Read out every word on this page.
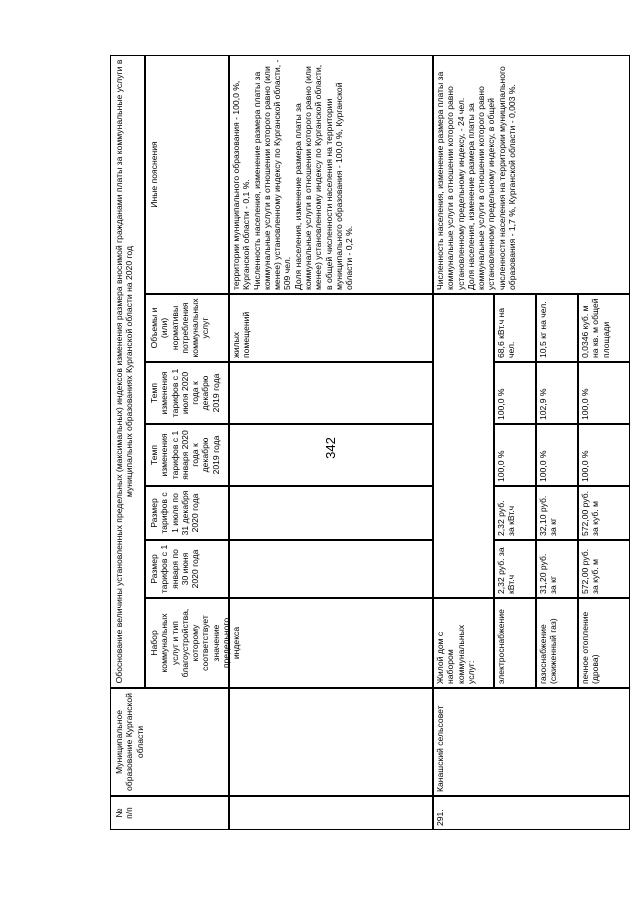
342
№
п/п
Муниципальное образование Курганской области
Обоснование величины установленных предельных (максимальных) индексов изменения размера вносимой гражданами платы за коммунальные услуги в муниципальных образованиях Курганской области на 2020 год
Набор коммунальных услуг и тип благоустройства, которому соответствует значение предельного индекса
Размер тарифов с 1 января по 30 июня 2020 года
Размер тарифов с 1 июля по 31 декабря 2020 года
Темп изменения тарифов с 1 января 2020 года к декабрю 2019 года
Темп изменения тарифов с 1 июля 2020 года к декабрю 2019 года
Объемы и (или) нормативы потребления коммунальных услуг
Иные пояснения
жилых помещений
территории муниципального образования - 100,0 %, Курганской области - 0,1 %.
Численность населения, изменение размера платы за коммунальные услуги в отношении которого равно (или менее) установленному индексу по Курганской области, - 509 чел.
Доля населения, изменение размера платы за коммунальные услуги в отношении которого равно (или менее) установленному индексу по Курганской области, в общей численности населения на территории муниципального образования - 100,0 %, Курганской области - 0,2 %.
291.
Канашский сельсовет
Жилой дом с набором коммунальных услуг:
Численность населения, изменение размера платы за коммунальные услуги в отношении которого равно установленному предельному индексу, - 24 чел.
Доля населения, изменение размера платы за коммунальные услуги в отношении которого равно установленному предельному индексу, в общей численности населения на территории муниципального образования - 1,7 %, Курганской области - 0,003 %.
электроснабжение
2,32 руб. за кВт.ч
2,32 руб. за кВт.ч
100,0 %
100,0 %
68,6 кВт.ч на чел.
газоснабжение (сжиженный газ)
31,20 руб. за кг
32,10 руб. за кг
100,0 %
102,9 %
10,5 кг на чел.
печное отопление (дрова)
572,00 руб. за куб. м
572,00 руб. за куб. м
100,0 %
100,0 %
0,0346 куб. м на кв. м общей площади
